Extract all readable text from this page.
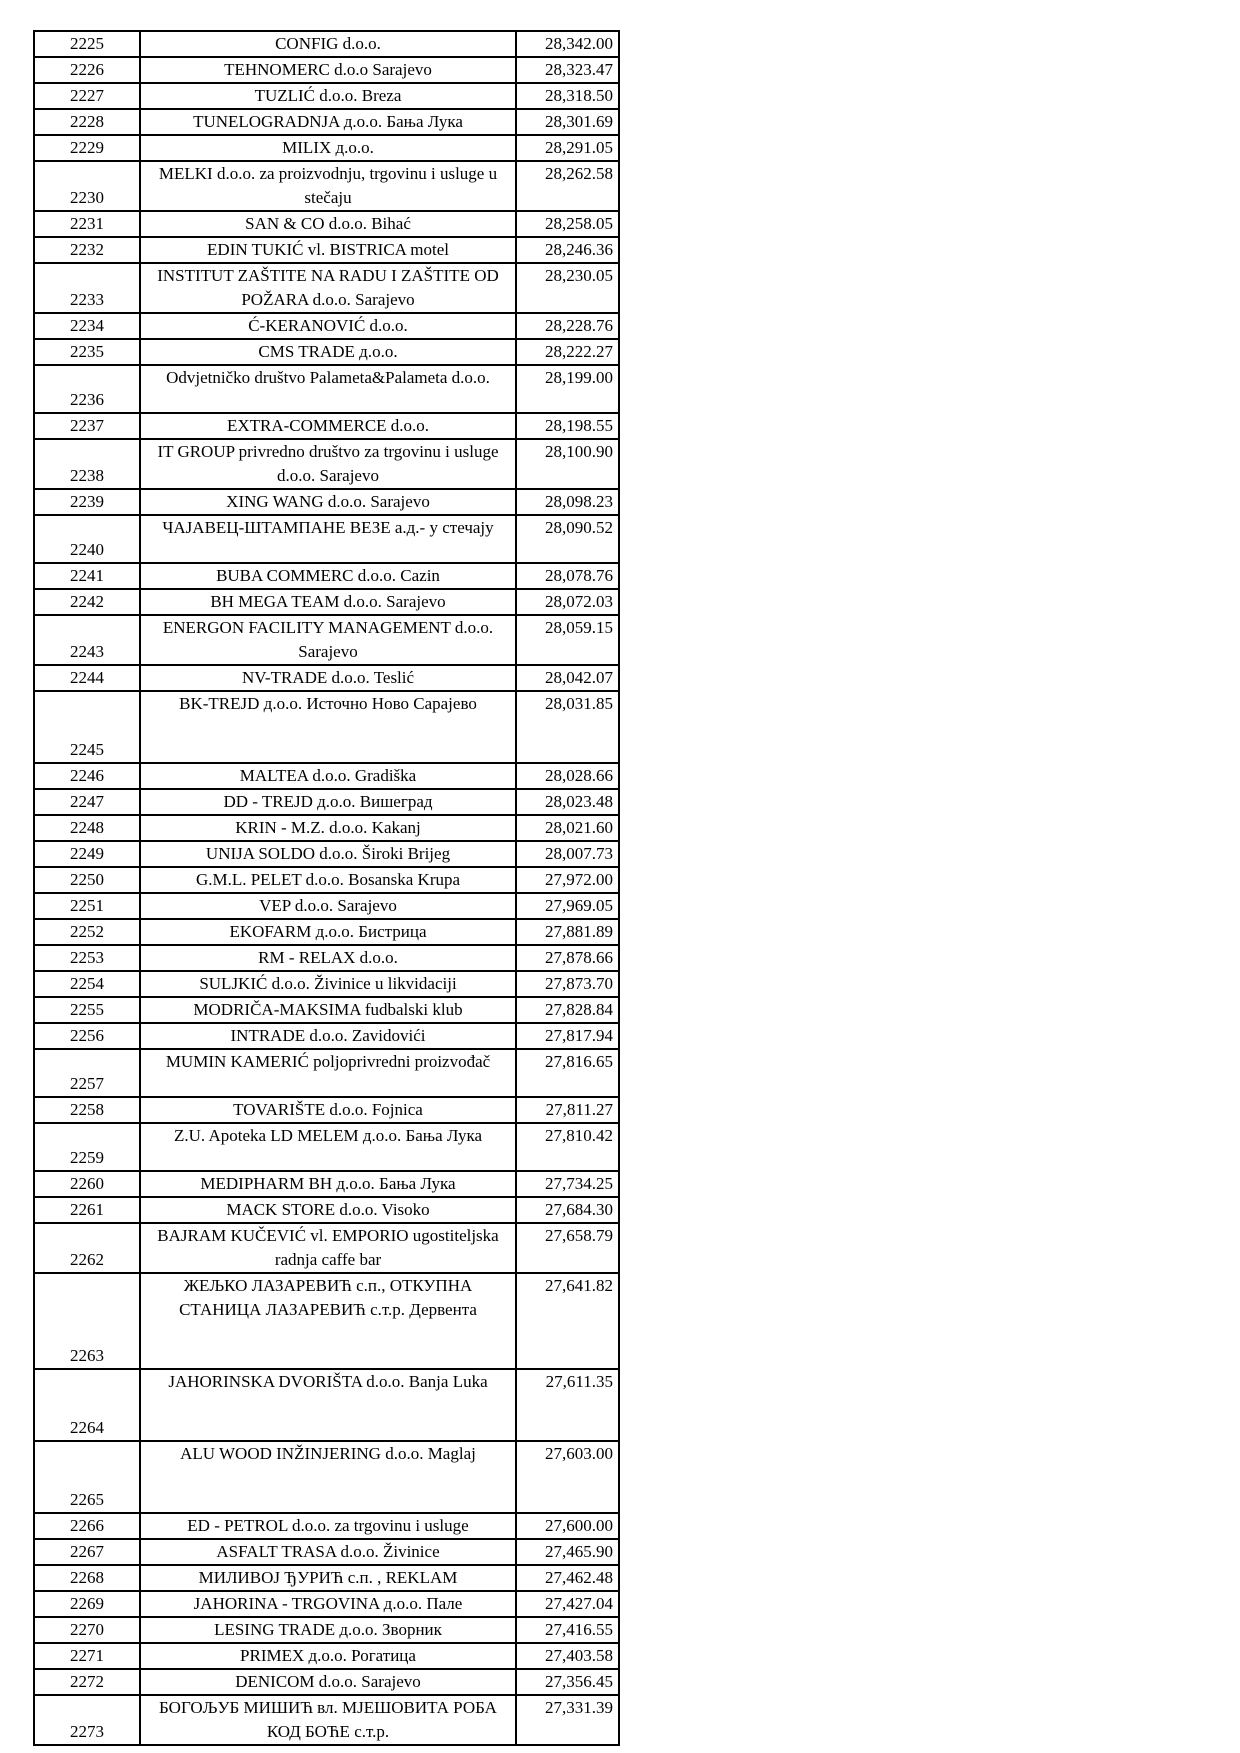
2225	CONFIG d.o.o.	28,342.00
2226	TEHNOMERC d.o.o Sarajevo	28,323.47
2227	TUZLIĆ d.o.o. Breza	28,318.50
2228	TUNELOGRADNJA д.о.о. Бања Лука	28,301.69
2229	MILIX д.о.о.	28,291.05
2230	MELKI d.o.o. za proizvodnju, trgovinu i usluge u stečaju	28,262.58
2231	SAN & CO d.o.o. Bihać	28,258.05
2232	EDIN TUKIĆ vl. BISTRICA motel	28,246.36
2233	INSTITUT ZAŠTITE NA RADU I ZAŠTITE OD POŽARA d.o.o. Sarajevo	28,230.05
2234	Ć-KERANOVIĆ d.o.o.	28,228.76
2235	CMS TRADE д.о.о.	28,222.27
2236	Odvjetničko društvo Palameta&Palameta d.o.o.	28,199.00
2237	EXTRA-COMMERCE d.o.o.	28,198.55
2238	IT GROUP privredno društvo za trgovinu i usluge d.o.o. Sarajevo	28,100.90
2239	XING WANG d.o.o. Sarajevo	28,098.23
2240	ЧАЈАВЕЦ-ШТАМПАНЕ ВЕЗЕ а.д.- у стечају	28,090.52
2241	BUBA COMMERC d.o.o. Cazin	28,078.76
2242	BH MEGA TEAM d.o.o. Sarajevo	28,072.03
2243	ENERGON FACILITY MANAGEMENT d.o.o. Sarajevo	28,059.15
2244	NV-TRADE d.o.o. Teslić	28,042.07
2245	BK-TREJD д.о.о. Источно Ново Сарајево	28,031.85
2246	MALTEA d.o.o. Gradiška	28,028.66
2247	DD - TREJD д.о.о. Вишеград	28,023.48
2248	KRIN - M.Z. d.o.o. Kakanj	28,021.60
2249	UNIJA SOLDO d.o.o. Široki Brijeg	28,007.73
2250	G.M.L. PELET d.o.o. Bosanska Krupa	27,972.00
2251	VEP d.o.o. Sarajevo	27,969.05
2252	EKOFARM д.о.о. Бистрица	27,881.89
2253	RM - RELAX d.o.o.	27,878.66
2254	SULJKIĆ d.o.o. Živinice u likvidaciji	27,873.70
2255	MODRIČA-MAKSIMA fudbalski klub	27,828.84
2256	INTRADE d.o.o. Zavidovići	27,817.94
2257	MUMIN KAMERIĆ poljoprivredni proizvođač	27,816.65
2258	TOVARIŠTE d.o.o. Fojnica	27,811.27
2259	Z.U. Apoteka LD MELEM д.о.о. Бања Лука	27,810.42
2260	MEDIPHARM BH д.о.о. Бања Лука	27,734.25
2261	MACK STORE d.o.o. Visoko	27,684.30
2262	BAJRAM KUČEVIĆ vl. EMPORIO ugostiteljska radnja caffe bar	27,658.79
2263	ЖЕЉКО ЛАЗАРЕВИЋ с.п., ОТКУПНА СТАНИЦА ЛАЗАРЕВИЋ с.т.р. Дервента	27,641.82
2264	JAHORINSKA DVORIŠTA d.o.o. Banja Luka	27,611.35
2265	ALU WOOD INŽINJERING d.o.o. Maglaj	27,603.00
2266	ED - PETROL d.o.o. za trgovinu i usluge	27,600.00
2267	ASFALT TRASA d.o.o. Živinice	27,465.90
2268	МИЛИВОЈ ЂУРИЋ с.п. , REKLAM	27,462.48
2269	JAHORINA - TRGOVINA д.о.о. Пале	27,427.04
2270	LESING TRADE д.о.о. Зворник	27,416.55
2271	PRIMEX д.о.о. Рогатица	27,403.58
2272	DENICOM d.o.o. Sarajevo	27,356.45
2273	БОГОЉУБ МИШИЋ вл. МЈЕШОВИТА РОБА КОД БОЋЕ с.т.р.	27,331.39
